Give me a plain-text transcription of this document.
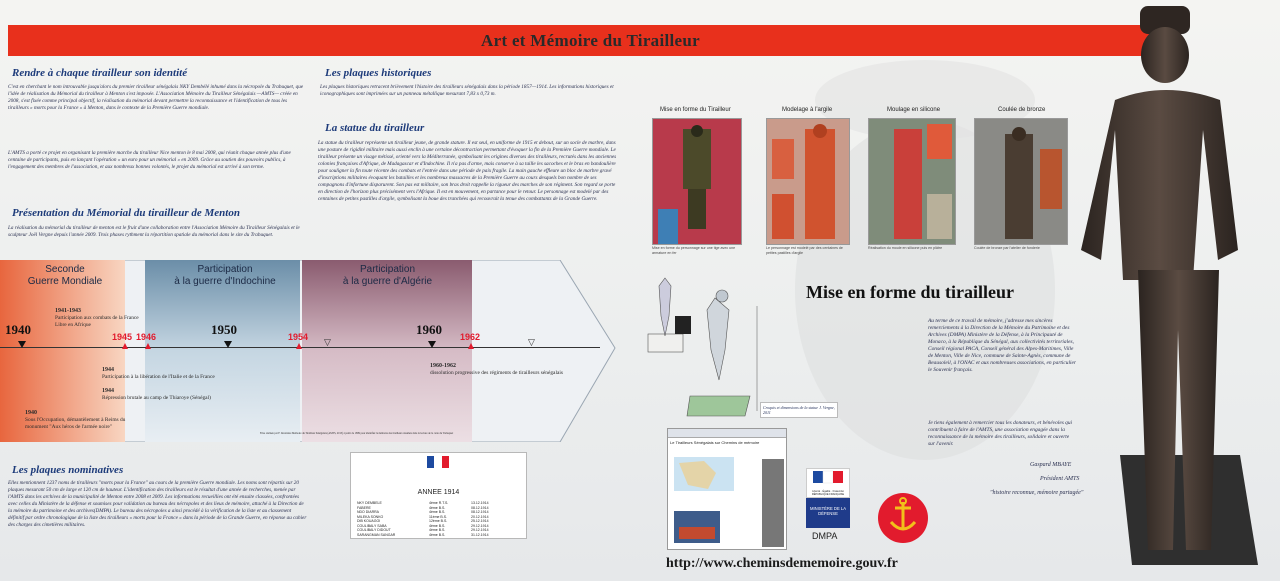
Art et Mémoire du Tirailleur
Rendre à chaque tirailleur son identité
C'est en cherchant le nom introuvable jusqu'alors du premier tirailleur sénégalais NKY Dembélé inhumé dans la nécropole du Trabuquet, que l'idée de réalisation du Mémorial du tirailleur à Menton s'est imposée. L'Association Mémoire du Tirailleur Sénégalais —AMTS— créée en 2008, s'est fixée comme principal objectif, la réalisation du mémorial devant permettre la reconnaissance et l'identification de tous les tirailleurs « morts pour la France » à Menton, dans le contexte de la Première Guerre mondiale.
L'AMTS a porté ce projet en organisant la première marche du tirailleur Nice menton le 8 mai 2008, qui réunit chaque année plus d'une centaine de participants, puis en lançant l'opération « un euro pour un mémorial » en 2009. Grâce au soutien des pouvoirs publics, à l'engagement des membres de l'association, et aux nombreux bonnes volontés, le projet du mémorial est arrivé à son terme.
Présentation du Mémorial du tirailleur de Menton
La réalisation du mémorial du tirailleur de menton est le fruit d'une collaboration entre l'Association Mémoire du Tirailleur Sénégalais et le sculpteur Joël Vergne depuis l'année 2009. Trois phases rythment la répartition spatiale du mémorial dans le site du Trabuquet.
Les plaques historiques
Les plaques historiques retracent brièvement l'histoire des tirailleurs sénégalais dans la période 1857—1914. Les informations historiques et iconographiques sont imprimées sur un panneau métallique mesurant 7,83 x 0,73 m.
La statue du tirailleur
La statue du tirailleur représente un tirailleur jeune, de grande stature. Il est seul, en uniforme de 1915 et debout, sur un socle de marbre, dans une posture de rigidité militaire mais aussi enclin à une certaine décontraction permettant d'évoquer la fin de la Première Guerre mondiale. Le tirailleur présente un visage métissé, orienté vers la Méditerranée, symbolisant les origines diverses des tirailleurs, recrutés dans les anciennes colonies françaises d'Afrique, de Madagascar et d'Indochine. Il n'a pas d'arme, mais conserve à sa taille les sacoches et le bras en bandoulière pour souligner la fin toute récente des combats et l'entrée dans une période de paix fragile. La main gauche effleure un bloc de marbre gravé d'inscriptions militaires évoquant les batailles et les nombreux massacres de la Première Guerre au cours desquels bon nombre de ses compagnons d'infortune disparurent. Son pas est militaire, son bras droit rappelle la rigueur des marches de son régiment. Son regard se porte en direction de l'horizon plus précisément vers l'Afrique. Il est en mouvement, en partance pour le retour. Le personnage est modelé par des centaines de petites pastilles d'argile, symbolisant la boue des tranchées qui recouvrait la tenue des combattants de la Grande Guerre.
Seconde
Guerre Mondiale
Participation
à la guerre d'Indochine
Participation
à la guerre d'Algérie
1940	1945 1946	1950	1954 ▽
1960 1962	▽
1941-1943
Participation aux combats de la France Libre en Afrique
1944
Participation à la libération de l'Italie et de la France
1944
Répression brutale au camp de Thiaroye (Sénégal)
1940
Sous l'Occupation, démantèlement à Reims du monument "Aux héros de l'armée noire"
1960-1962
dissolution progressive des régiments de tirailleurs sénégalais
Frise réalisée par F. Inventaire Mémoire du Tirailleur Sénégalais (AMTS, 2013) à partir de 1889 pour identifier la mémoire des tirailleurs résumée dans la lecture de la carte du Trabuquet
Les plaques nominatives
Elles mentionnent 1237 noms de tirailleurs "morts pour la France" au cours de la première Guerre mondiale. Les noms sont répartis sur 20 plaques mesurant 50 cm de large et 120 cm de hauteur. L'identification des tirailleurs est le résultat d'une année de recherches, menée par l'AMTS dans les archives de la municipalité de Menton entre 2008 et 2009. Les informations recueillies ont été ensuite classées, confrontées avec celles du Ministère de la défense et soumises pour validation au bureau des nécropoles et des lieux de mémoire, attaché à la Direction de la mémoire du patrimoine et des archives(DMPA). Le bureau des nécropoles a ainsi procédé à la vérification de la liste et au classement définitif par ordre chronologique de la liste des tirailleurs « morts pour la France » dans la période de la Grande Guerre, en réponse au cahier des charges des cimetières militaires.
ANNEE 1914
NKY DEMBELE	4ème R.T.S.	13.12.1914
FABERE	4ème B.S.	08.12.1914
NDO DIARRA	4ème B.S.	08.12.1914
MILEKA SONKO	11ème B.S.	20.12.1914
DIB KOUAGOI	12ème B.S.	25.12.1914
COULIBALY SABA	4ème B.S.	29.12.1914
COULIBALY DIDOUT	4ème B.S.	29.12.1914
SARANGMAN SANGAR	4ème B.S.	31.12.1914
Mise en forme du Tirailleur	Modelage à l'argile	Moulage en silicone	Coulée de bronze
Mise en forme du personnage sur une tige avec une armature en fer
Le personnage est modelé par des centaines de petites pastilles d'argile
Réalisation du moule en silicone puis en plâtre	Coulée de bronze par l'atelier de fonderie
Croquis et dimensions de la statue J. Vergne, 2011
Mise en forme du tirailleur
Au terme de ce travail de mémoire, j'adresse mes sincères remerciements à la Direction de la Mémoire du Patrimoine et des Archives (DMPA) Ministère de la Défense, à la Principauté de Monaco, à la République du Sénégal, aux collectivités territoriales, Conseil régional PACA, Conseil général des Alpes-Maritimes, Ville de Menton, Ville de Nice, commune de Sainte-Agnès, commune de Beausoleil, à l'ONAC et aux nombreuses associations, en particulier le Souvenir français.
Je tiens également à remercier tous les donateurs, et bénévoles qui contribuent à faire de l'AMTS, une association engagée dans la reconnaissance de la mémoire des tirailleurs, solidaire et ouverte sur l'avenir.
Gaspard MBAYE
Président AMTS
"histoire reconnue, mémoire partagée"
Le Tirailleurs Sénégalais sur Chemins de mémoire
Liberté · Égalité · Fraternité RÉPUBLIQUE FRANÇAISE
MINISTÈRE DE LA DÉFENSE
DMPA
http://www.cheminsdememoire.gouv.fr
